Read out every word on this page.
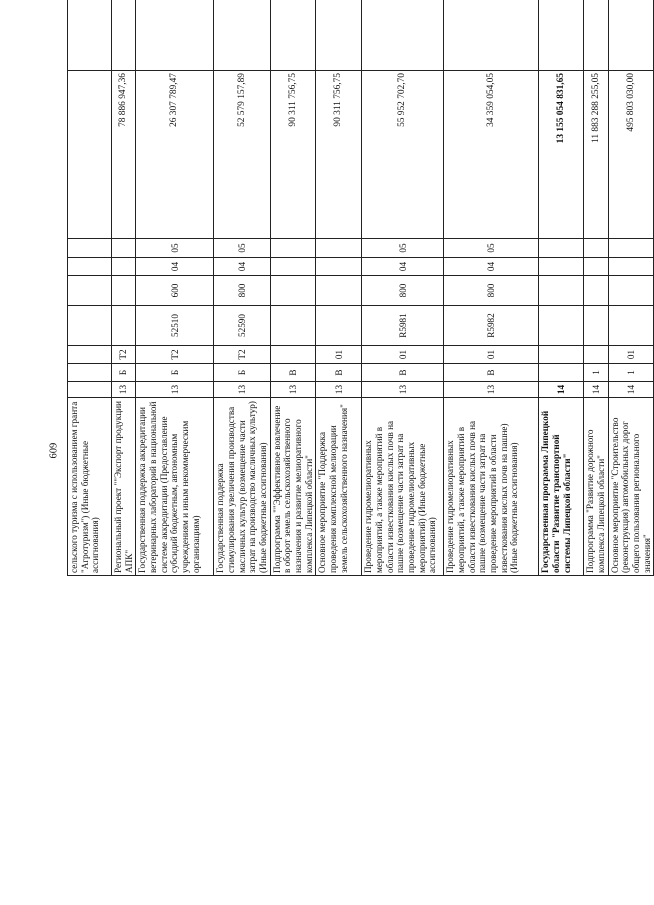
609 сельского туризма с использованием гранта "Агротуризм") (Иные бюджетные ассигнования)										
Региональный проект ""Экспорт продукции АПК"	13	Б	Т2					78 886 947,36		
Государственная поддержка аккредитации ветеринарных лабораторий в национальной системе аккредитации (Предоставление субсидий бюджетным, автономным учреждениям и иным некоммерческим организациям)	13	Б	Т2	52510	600	04	05	26 307 789,47		
Государственная поддержка стимулирования увеличения производства масличных культур (возмещение части затрат на производство масличных культур) (Иные бюджетные ассигнования)	13	Б	Т2	52590	800	04	05	52 579 157,89		
Подпрограмма ""Эффективное вовлечение в оборот земель сельскохозяйственного назначения и развитие мелиоративного комплекса Липецкой области"	13	В						90 311 756,75		
Основное мероприятие "Поддержка проведения комплексной мелиорации земель сельскохозяйственного назначения"	13	В	01					90 311 756,75		
Проведение гидромелиоративных мероприятий, а также мероприятий в области известкования кислых почв на пашне (возмещение части затрат на проведение гидромелиоративных мероприятий) (Иные бюджетные ассигнования)	13	В	01	R5981	800	04	05	55 952 702,70		
Проведение гидромелиоративных мероприятий, а также мероприятий в области известкования кислых почв на пашне (возмещение части затрат на проведение мероприятий в области известкования кислых почв на пашне) (Иные бюджетные ассигнования)	13	В	01	R5982	800	04	05	34 359 054,05		
Государственная программа Липецкой области "Развитие транспортной системы Липецкой области"	14							13 155 054 831,65		
Подпрограмма "Развитие дорожного комплекса Липецкой области"	14	1						11 883 288 255,05		
Основное мероприятие "Строительство (реконструкция) автомобильных дорог общего пользования регионального значения"	14	1	01					495 803 030,00		
